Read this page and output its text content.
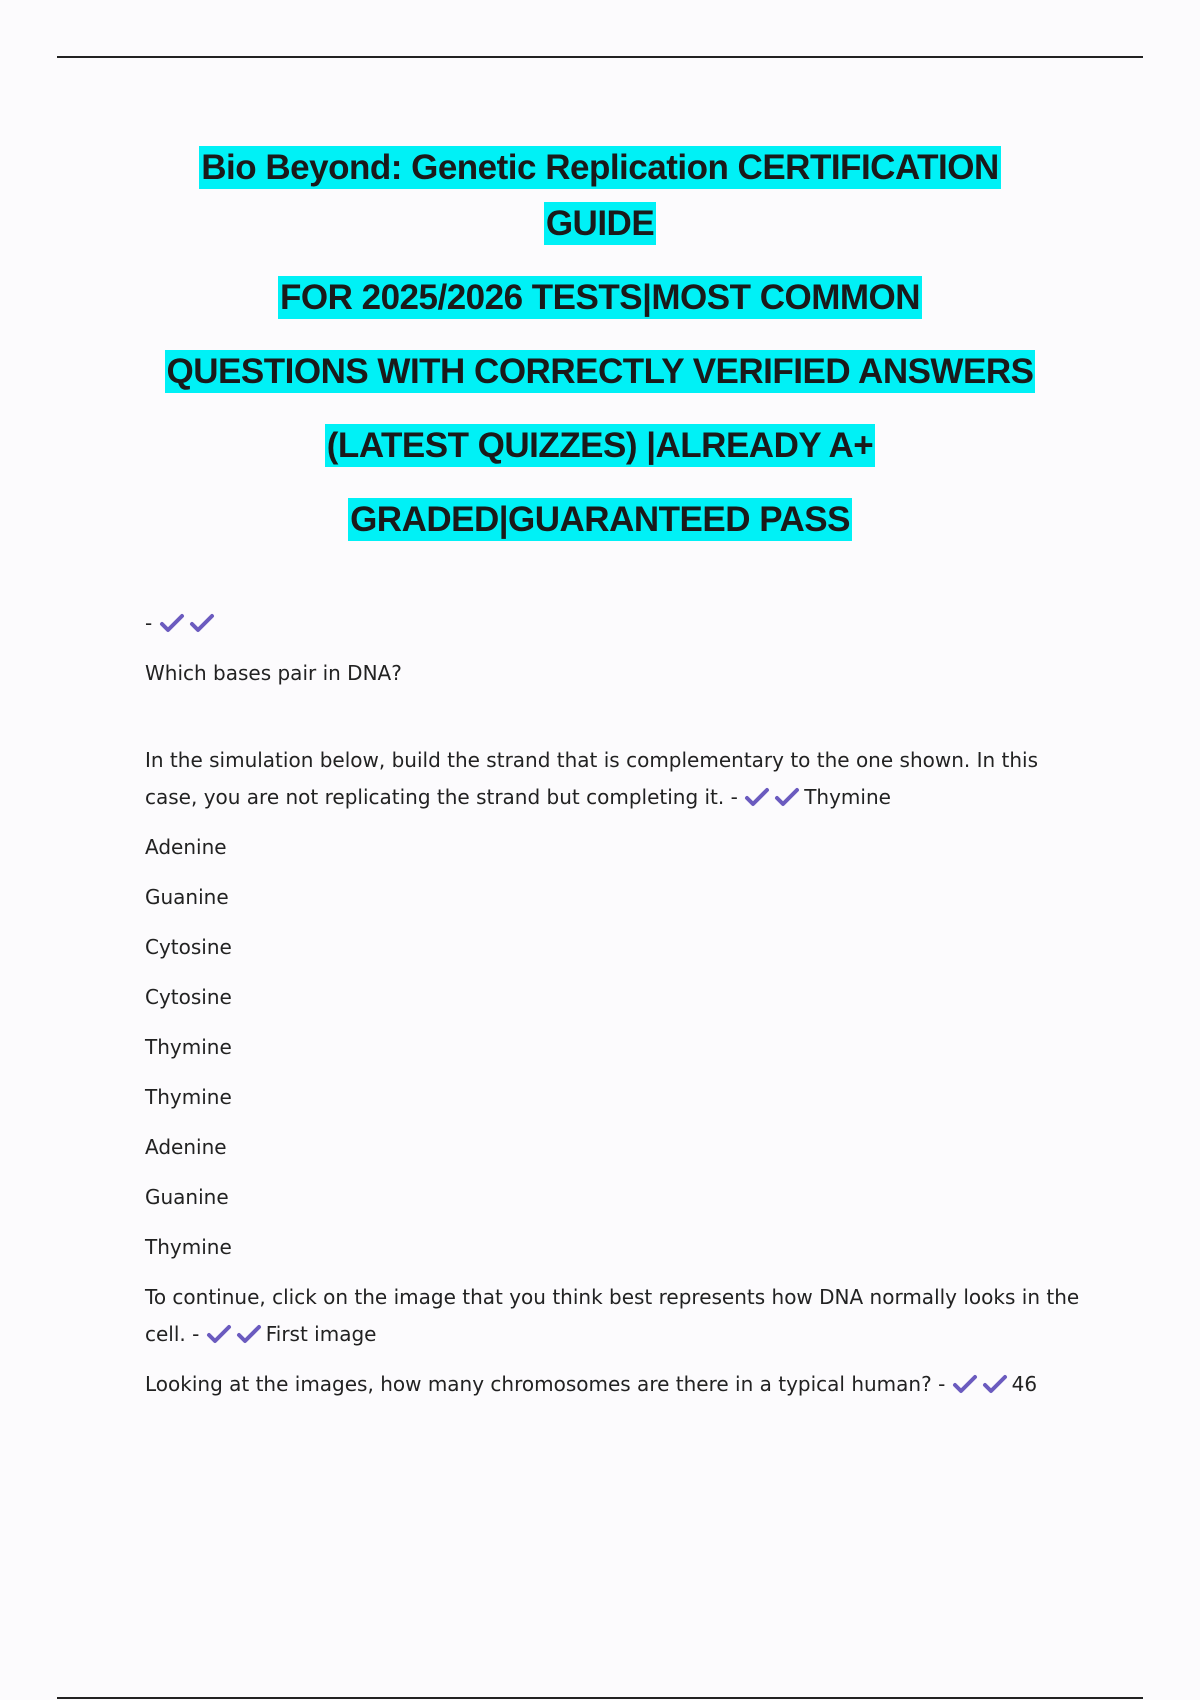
Bio Beyond: Genetic Replication CERTIFICATION
GUIDE
FOR 2025/2026 TESTS|MOST COMMON
QUESTIONS WITH CORRECTLY VERIFIED ANSWERS
(LATEST QUIZZES) |ALREADY A+
GRADED|GUARANTEED PASS

-

Which bases pair in DNA?

In the simulation below, build the strand that is complementary to the one shown. In this case, you are not replicating the strand but completing it. -	Thymine

Adenine

Guanine

Cytosine

Cytosine

Thymine

Thymine

Adenine

Guanine

Thymine

To continue, click on the image that you think best represents how DNA normally looks in the cell. -	First image

Looking at the images, how many chromosomes are there in a typical human? -	46
